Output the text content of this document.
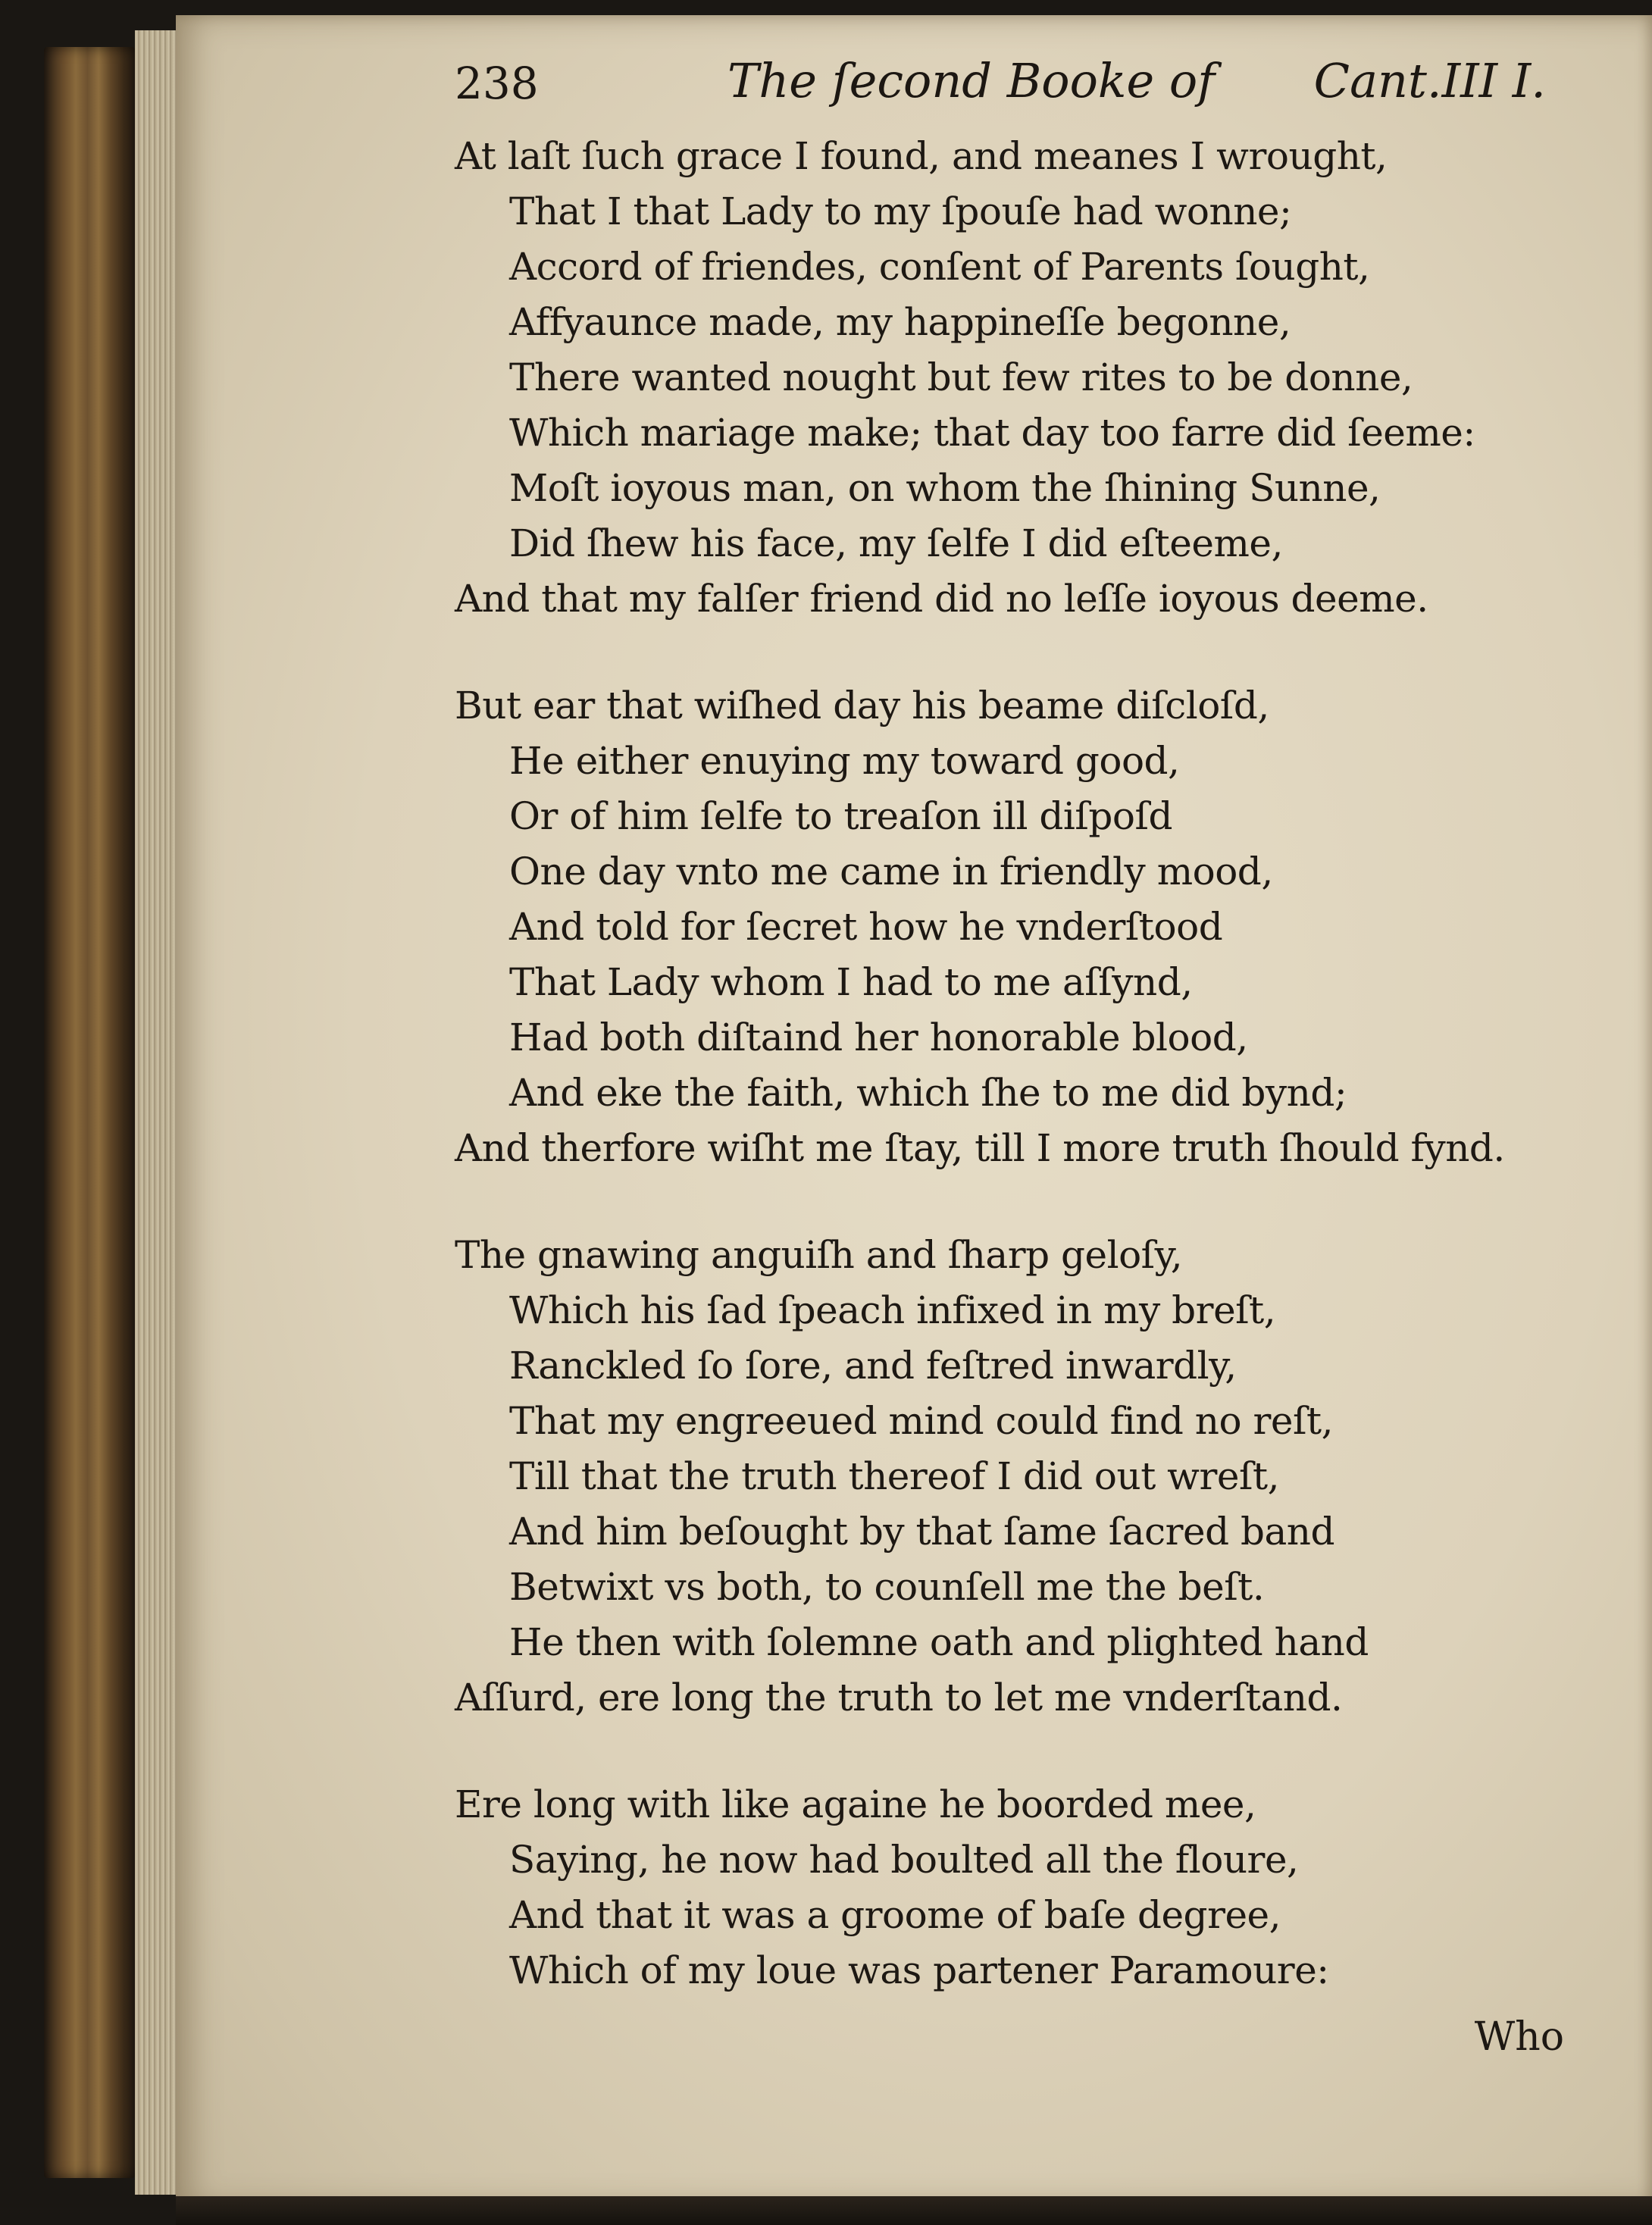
238	The ſecond Booke of Cant.III I.
At laſt ſuch grace I found, and meanes I wrought,
That I that Lady to my ſpouſe had wonne;
Accord of friendes, conſent of Parents ſought,
Affyaunce made, my happineſſe begonne,
There wanted nought but few rites to be donne,
Which mariage make; that day too farre did ſeeme:
Moſt ioyous man, on whom the ſhining Sunne,
Did ſhew his face, my ſelfe I did eſteeme,
And that my falſer friend did no leſſe ioyous deeme.
But ear that wiſhed day his beame diſcloſd,
He either enuying my toward good,
Or of him ſelfe to treaſon ill diſpoſd
One day vnto me came in friendly mood,
And told for ſecret how he vnderſtood
That Lady whom I had to me aſſynd,
Had both diſtaind her honorable blood,
And eke the faith, which ſhe to me did bynd;
And therfore wiſht me ſtay, till I more truth ſhould fynd.
The gnawing anguiſh and ſharp geloſy,
Which his ſad ſpeach infixed in my breſt,
Ranckled ſo ſore, and feſtred inwardly,
That my engreeued mind could find no reſt,
Till that the truth thereof I did out wreſt,
And him beſought by that ſame ſacred band
Betwixt vs both, to counſell me the beſt.
He then with ſolemne oath and plighted hand
Aſſurd, ere long the truth to let me vnderſtand.
Ere long with like againe he boorded mee,
Saying, he now had boulted all the floure,
And that it was a groome of baſe degree,
Which of my loue was partener Paramoure:
Who
